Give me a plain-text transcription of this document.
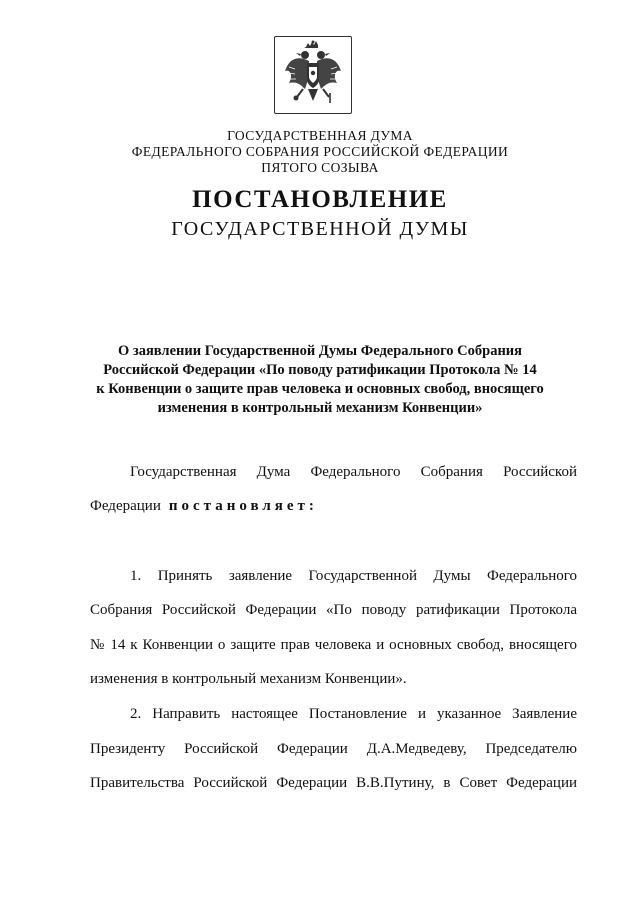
ГОСУДАРСТВЕННАЯ ДУМА
ФЕДЕРАЛЬНОГО СОБРАНИЯ РОССИЙСКОЙ ФЕДЕРАЦИИ
ПЯТОГО СОЗЫВА
ПОСТАНОВЛЕНИЕ
ГОСУДАРСТВЕННОЙ ДУМЫ
О заявлении Государственной Думы Федерального Собрания
Российской Федерации «По поводу ратификации Протокола № 14
к Конвенции о защите прав человека и основных свобод, вносящего
изменения в контрольный механизм Конвенции»
Государственная Дума Федерального Собрания Российской
Федерации постановляет:
1. Принять заявление Государственной Думы Федерального
Собрания Российской Федерации «По поводу ратификации Протокола
№ 14 к Конвенции о защите прав человека и основных свобод, вносящего
изменения в контрольный механизм Конвенции».
2. Направить настоящее Постановление и указанное Заявление
Президенту Российской Федерации Д.А.Медведеву, Председателю
Правительства Российской Федерации В.В.Путину, в Совет Федерации
